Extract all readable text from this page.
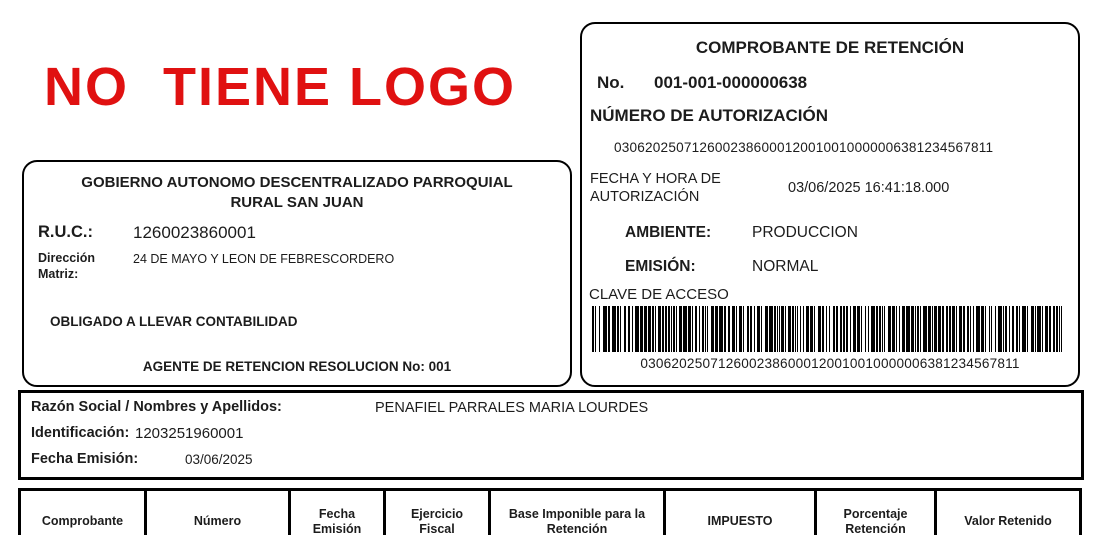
NO  TIENE LOGO
GOBIERNO AUTONOMO DESCENTRALIZADO PARROQUIAL
RURAL SAN JUAN
R.U.C.: 1260023860001
Dirección Matriz:
24 DE MAYO Y LEON DE FEBRESCORDERO
OBLIGADO A LLEVAR CONTABILIDAD
AGENTE DE RETENCION RESOLUCION No: 001
COMPROBANTE DE RETENCIÓN
No. 001-001-000000638
NÚMERO DE AUTORIZACIÓN
0306202507126002386000120010010000006381234567811
FECHA Y HORA DE AUTORIZACIÓN
03/06/2025 16:41:18.000
AMBIENTE:	PRODUCCION
EMISIÓN:	NORMAL
CLAVE DE ACCESO
0306202507126002386000120010010000006381234567811
Razón Social / Nombres y Apellidos:	PENAFIEL PARRALES MARIA LOURDES
Identificación: 1203251960001
Fecha Emisión:	03/06/2025
Comprobante	Número	Fecha Emisión	Ejercicio Fiscal	Base Imponible para la Retención	IMPUESTO	Porcentaje Retención	Valor Retenido
